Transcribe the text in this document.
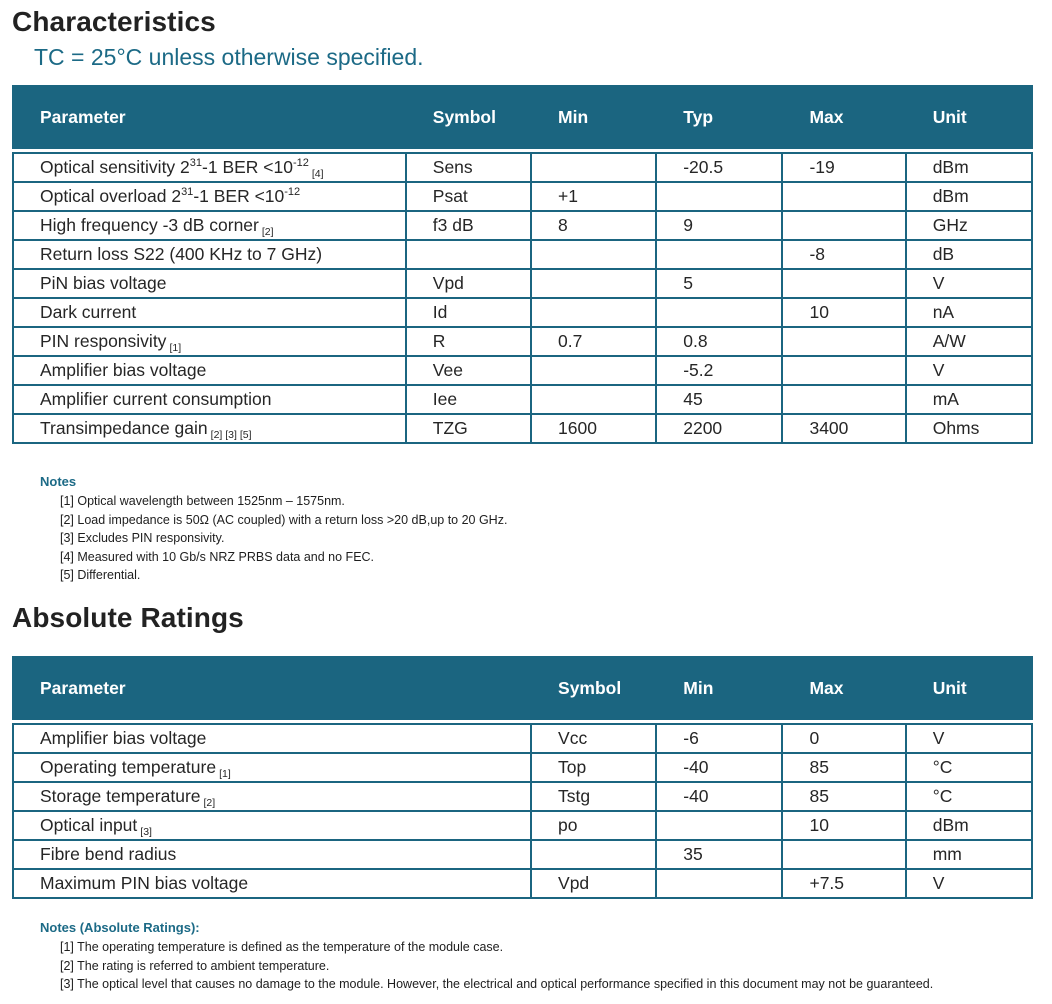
Characteristics

TC = 25°C unless otherwise specified.

Parameter	Symbol	Min	Typ	Max	Unit

Optical sensitivity $2^{31}-1$ BER $<10^{-12}_{[4]}$	Sens		-20.5	-19	dBm
Optical overload $2^{31}-1$ BER $<10^{-12}$	Psat	+1			dBm
High frequency -3 dB corner $_{[2]}$	f3 dB	8	9		GHz
Return loss S22 (400 KHz to 7 GHz)				-8	dB
PiN bias voltage	Vpd		5		V
Dark current	Id			10	nA
PIN responsivity $_{[1]}$	R	0.7	0.8		A/W
Amplifier bias voltage	Vee		-5.2		V
Amplifier current consumption	Iee		45		mA
Transimpedance gain $_{[2] [3] [5]}$	TZG	1600	2200	3400	Ohms
Notes
[1] Optical wavelength between 1525nm – 1575nm.
[2] Load impedance is 50Ω (AC coupled) with a return loss >20 dB,up to 20 GHz.
[3] Excludes PIN responsivity.
[4] Measured with 10 Gb/s NRZ PRBS data and no FEC.
[5] Differential.
Absolute Ratings
Parameter	Symbol	Min	Max	Unit

Amplifier bias voltage	Vcc	-6	0	V
Operating temperature $_{[1]}$	Top	-40	85	°C
Storage temperature $_{[2]}$	Tstg	-40	85	°C
Optical input $_{[3]}$	po		10	dBm
Fibre bend radius		35		mm
Maximum PIN bias voltage	Vpd		+7.5	V
Notes (Absolute Ratings):
[1] The operating temperature is defined as the temperature of the module case.
[2] The rating is referred to ambient temperature.
[3] The optical level that causes no damage to the module. However, the electrical and optical performance specified in this document may not be guaranteed.
